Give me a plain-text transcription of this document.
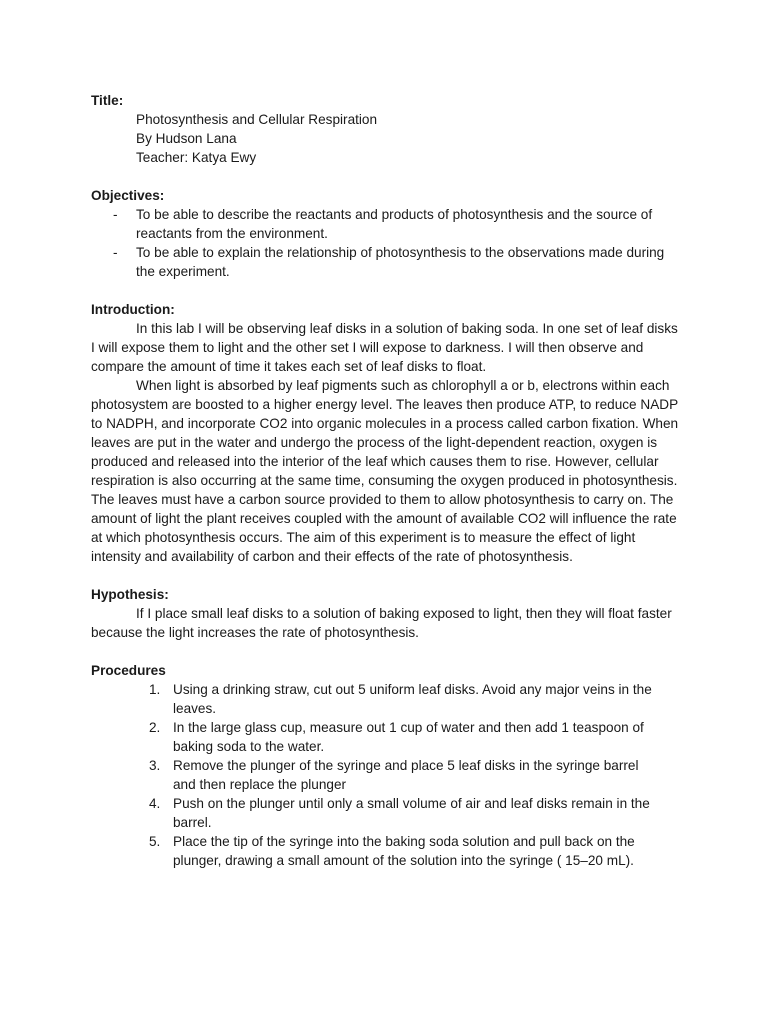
Title:
Photosynthesis and Cellular Respiration
By Hudson Lana
Teacher: Katya Ewy
Objectives:
- To be able to describe the reactants and products of photosynthesis and the source of reactants from the environment.
- To be able to explain the relationship of photosynthesis to the observations made during the experiment.
Introduction:

In this lab I will be observing leaf disks in a solution of baking soda. In one set of leaf disks I will expose them to light and the other set I will expose to darkness. I will then observe and compare the amount of time it takes each set of leaf disks to float.

When light is absorbed by leaf pigments such as chlorophyll a or b, electrons within each photosystem are boosted to a higher energy level. The leaves then produce ATP, to reduce NADP to NADPH, and incorporate CO2 into organic molecules in a process called carbon fixation. When leaves are put in the water and undergo the process of the light-dependent reaction, oxygen is produced and released into the interior of the leaf which causes them to rise. However, cellular respiration is also occurring at the same time, consuming the oxygen produced in photosynthesis. The leaves must have a carbon source provided to them to allow photosynthesis to carry on. The amount of light the plant receives coupled with the amount of available CO2 will influence the rate at which photosynthesis occurs. The aim of this experiment is to measure the effect of light intensity and availability of carbon and their effects of the rate of photosynthesis.

Hypothesis:

If I place small leaf disks to a solution of baking exposed to light, then they will float faster because the light increases the rate of photosynthesis.

Procedures
1. Using a drinking straw, cut out 5 uniform leaf disks. Avoid any major veins in the leaves.
2. In the large glass cup, measure out 1 cup of water and then add 1 teaspoon of baking soda to the water.
3. Remove the plunger of the syringe and place 5 leaf disks in the syringe barrel and then replace the plunger
4. Push on the plunger until only a small volume of air and leaf disks remain in the barrel.
5. Place the tip of the syringe into the baking soda solution and pull back on the plunger, drawing a small amount of the solution into the syringe ( 15–20 mL).
